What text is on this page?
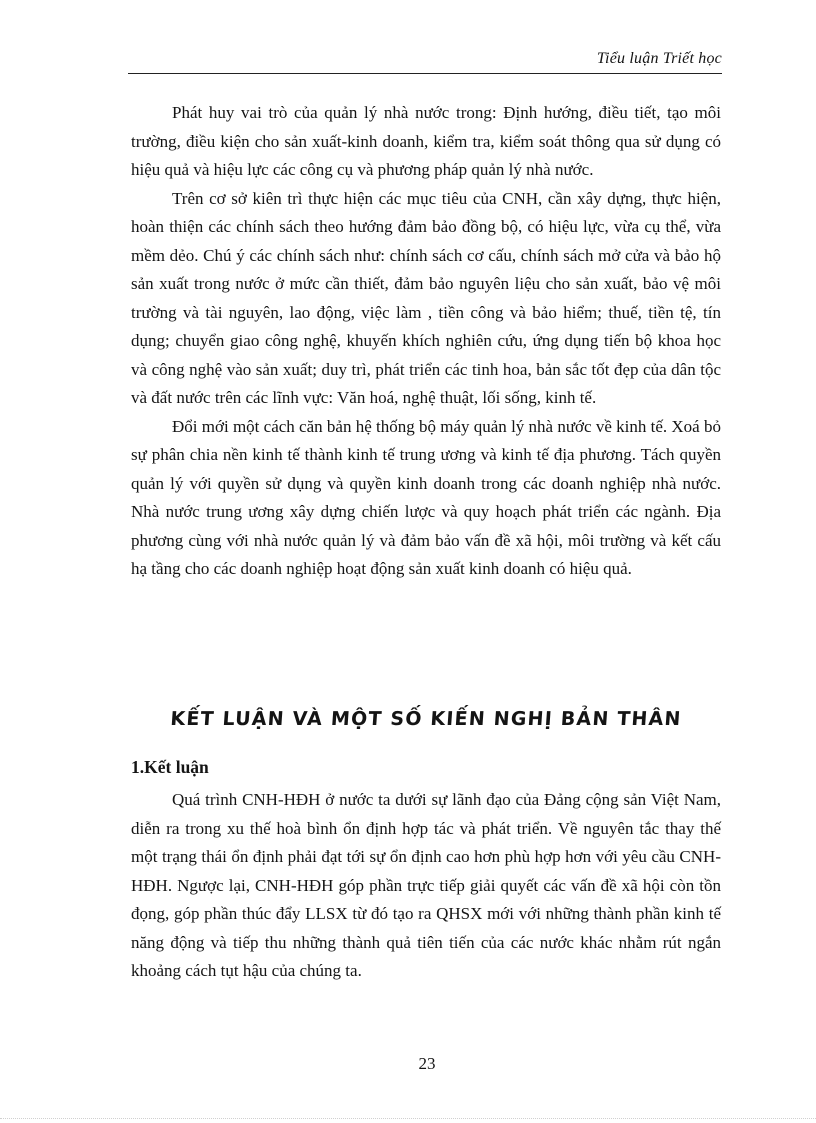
Tiểu luận Triết học

Phát huy vai trò của quản lý nhà nước trong: Định hướng, điều tiết, tạo môi trường, điều kiện cho sản xuất-kinh doanh, kiểm tra, kiểm soát thông qua sử dụng có hiệu quả và hiệu lực các công cụ và phương pháp quản lý nhà nước.

Trên cơ sở kiên trì thực hiện các mục tiêu của CNH, cần xây dựng, thực hiện, hoàn thiện các chính sách theo hướng đảm bảo đồng bộ, có hiệu lực, vừa cụ thể, vừa mềm dẻo. Chú ý các chính sách như: chính sách cơ cấu, chính sách mở cửa và bảo hộ sản xuất trong nước ở mức cần thiết, đảm bảo nguyên liệu cho sản xuất, bảo vệ môi trường và tài nguyên, lao động, việc làm , tiền công và bảo hiểm; thuế, tiền tệ, tín dụng; chuyển giao công nghệ, khuyến khích nghiên cứu, ứng dụng tiến bộ khoa học và công nghệ vào sản xuất; duy trì, phát triển các tinh hoa, bản sắc tốt đẹp của dân tộc và đất nước trên các lĩnh vực: Văn hoá, nghệ thuật, lối sống, kinh tế.

Đổi mới một cách căn bản hệ thống bộ máy quản lý nhà nước về kinh tế. Xoá bỏ sự phân chia nền kinh tế thành kinh tế trung ương và kinh tế địa phương. Tách quyền quản lý với quyền sử dụng và quyền kinh doanh trong các doanh nghiệp nhà nước. Nhà nước trung ương xây dựng chiến lược và quy hoạch phát triển các ngành. Địa phương cùng với nhà nước quản lý và đảm bảo vấn đề xã hội, môi trường và kết cấu hạ tầng cho các doanh nghiệp hoạt động sản xuất kinh doanh có hiệu quả.

KẾT LUẬN VÀ MỘT SỐ KIẾN NGHỊ BẢN THÂN
1.Kết luận

Quá trình CNH-HĐH ở nước ta dưới sự lãnh đạo của Đảng cộng sản Việt Nam, diễn ra trong xu thế hoà bình ổn định hợp tác và phát triển. Về nguyên tắc thay thế một trạng thái ổn định phải đạt tới sự ổn định cao hơn phù hợp hơn với yêu cầu CNH-HĐH. Ngược lại, CNH-HĐH góp phần trực tiếp giải quyết các vấn đề xã hội còn tồn đọng, góp phần thúc đẩy LLSX từ đó tạo ra QHSX mới với những thành phần kinh tế năng động và tiếp thu những thành quả tiên tiến của các nước khác nhằm rút ngắn khoảng cách tụt hậu của chúng ta.

23
